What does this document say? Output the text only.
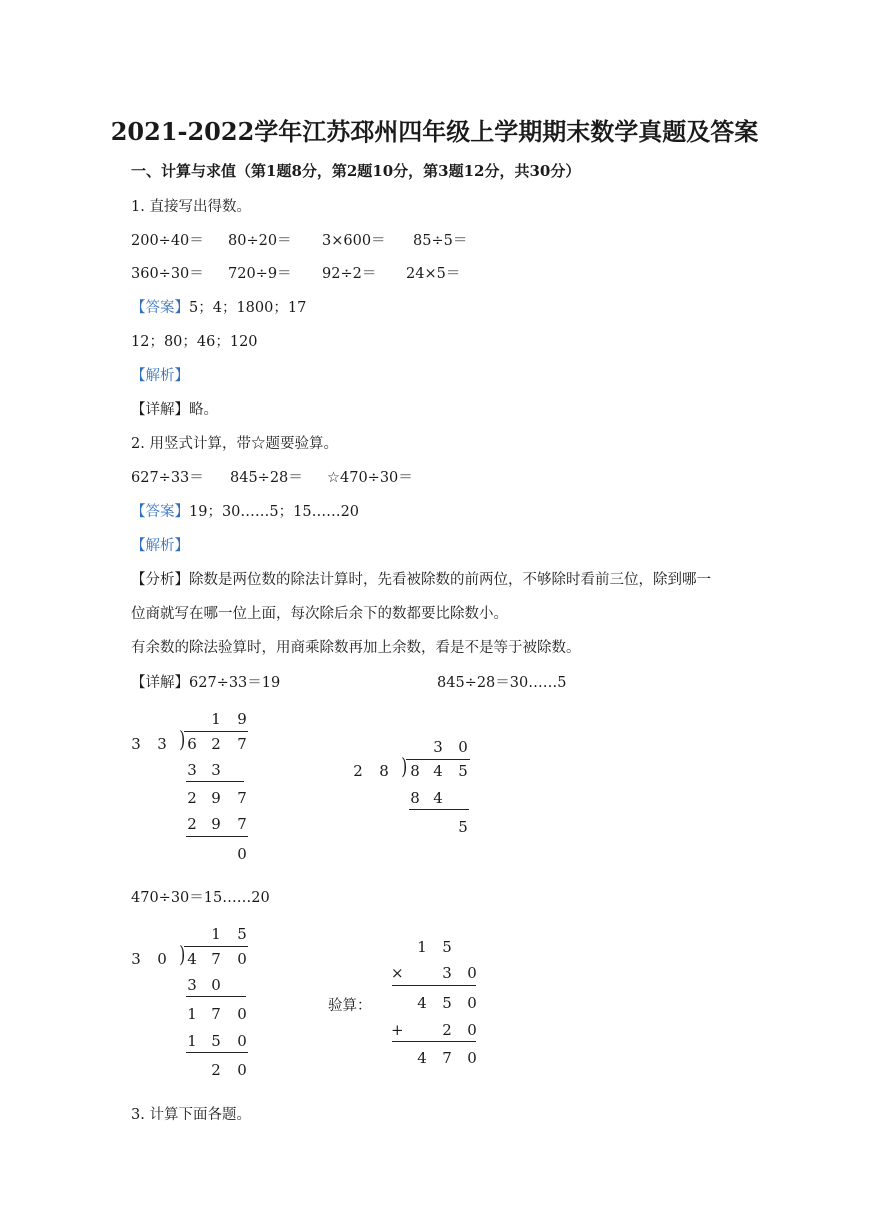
2021-2022学年江苏邳州四年级上学期期末数学真题及答案
一、计算与求值（第1题8分，第2题10分，第3题12分，共30分）
1. 直接写出得数。
200÷40＝ 80÷20＝ 3×600＝ 85÷5＝
360÷30＝ 720÷9＝ 92÷2＝ 24×5＝
【答案】5；4；1800；17
12；80；46；120
【解析】
【详解】略。
2. 用竖式计算，带☆题要验算。
627÷33＝ 845÷28＝ ☆470÷30＝
【答案】19；30……5；15……20
【解析】
【分析】除数是两位数的除法计算时，先看被除数的前两位，不够除时看前三位，除到哪一
位商就写在哪一位上面，每次除后余下的数都要比除数小。
有余数的除法验算时，用商乘除数再加上余数，看是不是等于被除数。
【详解】627÷33＝19	845÷28＝30……5
1 9
3 3 ) 6 2 7
3 3
2 9 7
2 9 7
0
3 0
2 8 ) 8 4 5
8 4
5
470÷30＝15……20
1 5
3 0 ) 4 7 0
3 0
1 7 0
1 5 0
2 0
验算：
1 5
×	3 0
4 5 0
+	2 0
4 7 0
3. 计算下面各题。
